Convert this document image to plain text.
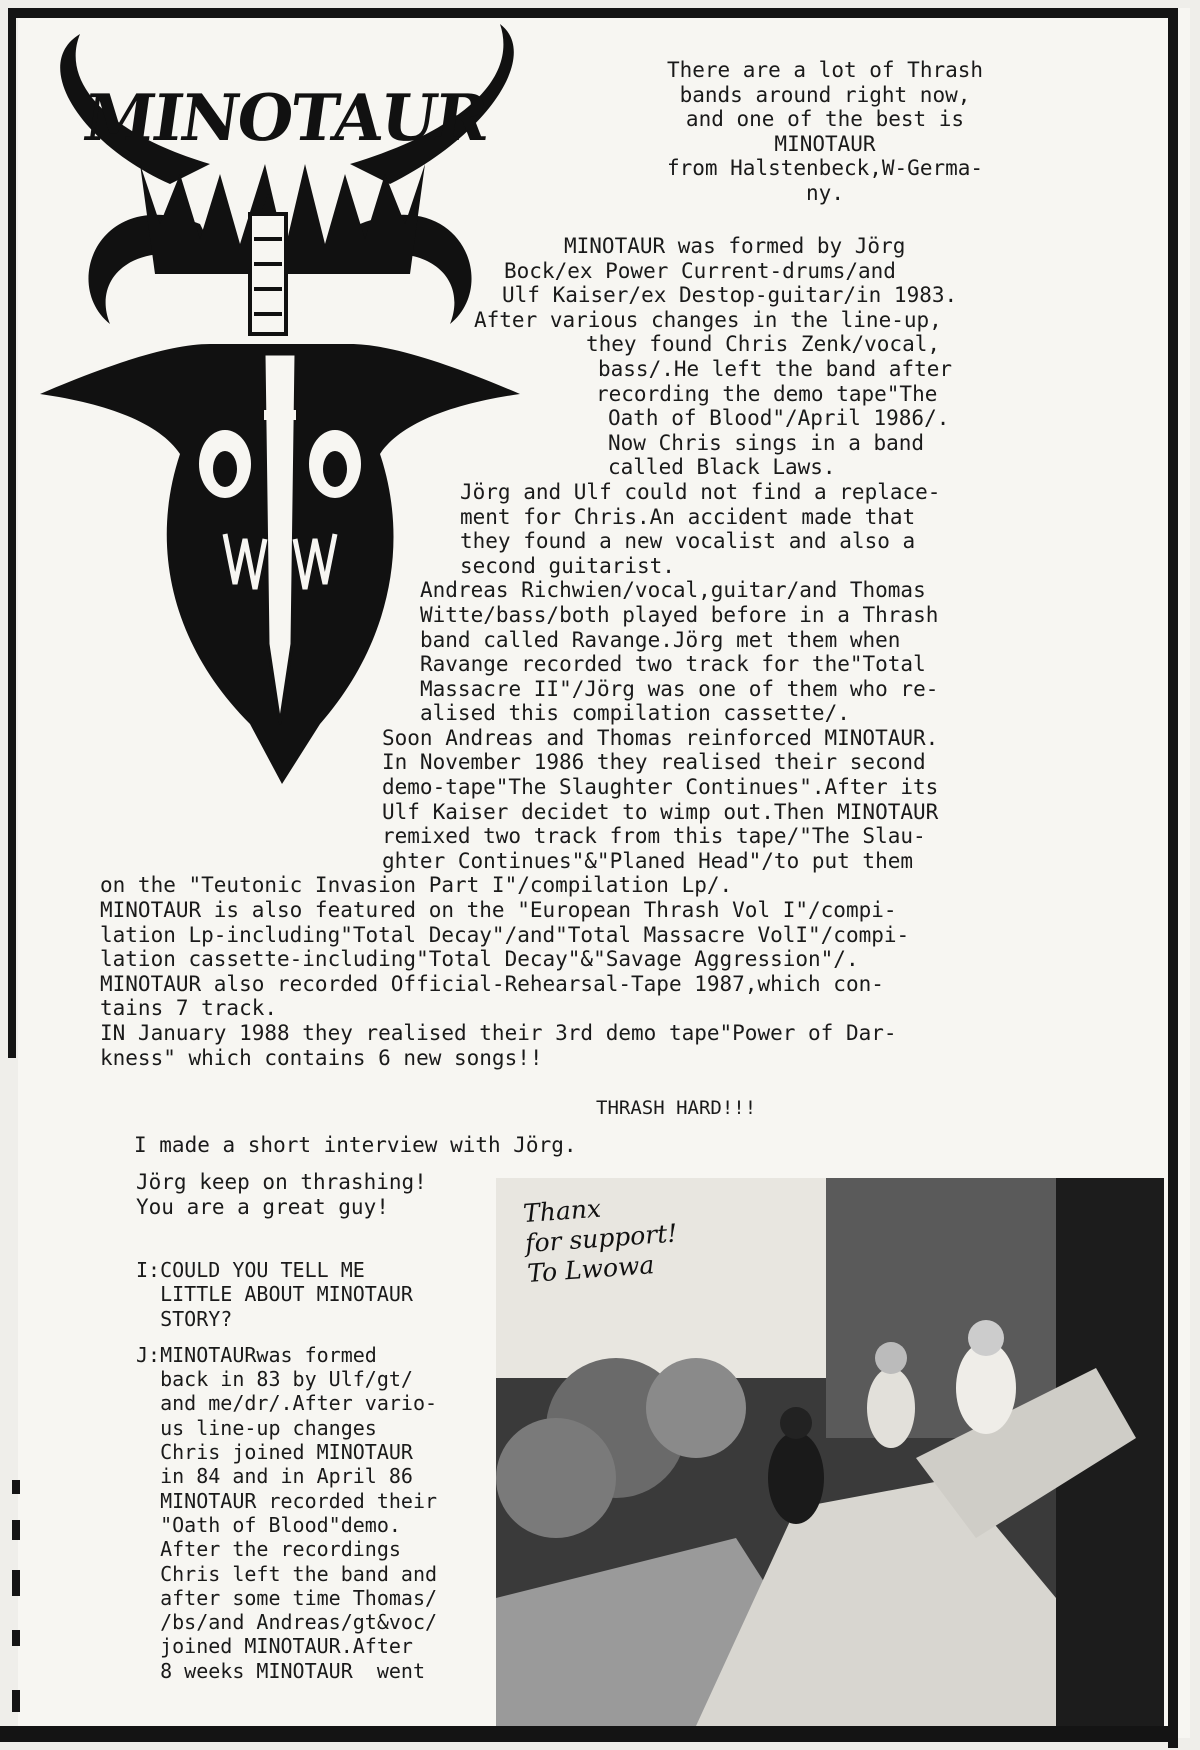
MINOTAUR
There are a lot of Thrash
bands around right now,
and one of the best is
MINOTAUR
from Halstenbeck,W-Germa-
ny.
MINOTAUR was formed by Jörg
Bock/ex Power Current-drums/and
Ulf Kaiser/ex Destop-guitar/in 1983.
After various changes in the line-up,
they found Chris Zenk/vocal,
bass/.He left the band after
recording the demo tape"The
Oath of Blood"/April 1986/.
Now Chris sings in a band
called Black Laws.
Jörg and Ulf could not find a replace-
ment for Chris.An accident made that
they found a new vocalist and also a
second guitarist.
Andreas Richwien/vocal,guitar/and Thomas
Witte/bass/both played before in a Thrash
band called Ravange.Jörg met them when
Ravange recorded two track for the"Total
Massacre II"/Jörg was one of them who re-
alised this compilation cassette/.
Soon Andreas and Thomas reinforced MINOTAUR.
In November 1986 they realised their second
demo-tape"The Slaughter Continues".After its
Ulf Kaiser decidet to wimp out.Then MINOTAUR
remixed two track from this tape/"The Slau-
ghter Continues"&"Planed Head"/to put them
on the "Teutonic Invasion Part I"/compilation Lp/.
MINOTAUR is also featured on the "European Thrash Vol I"/compi-
lation Lp-including"Total Decay"/and"Total Massacre VolI"/compi-
lation cassette-including"Total Decay"&"Savage Aggression"/.
MINOTAUR also recorded Official-Rehearsal-Tape 1987,which con-
tains 7 track.
IN January 1988 they realised their 3rd demo tape"Power of Dar-
kness" which contains 6 new songs!!
THRASH HARD!!!
I made a short interview with Jörg.
Jörg keep on thrashing!
You are a great guy!
I:COULD YOU TELL ME
LITTLE ABOUT MINOTAUR
STORY?
J:MINOTAURwas formed
back in 83 by Ulf/gt/
and me/dr/.After vario-
us line-up changes
Chris joined MINOTAUR
in 84 and in April 86
MINOTAUR recorded their
"Oath of Blood"demo.
After the recordings
Chris left the band and
after some time Thomas/
/bs/and Andreas/gt&voc/
joined MINOTAUR.After
8 weeks MINOTAUR  went
Thanx
for support!
To Lwowa
